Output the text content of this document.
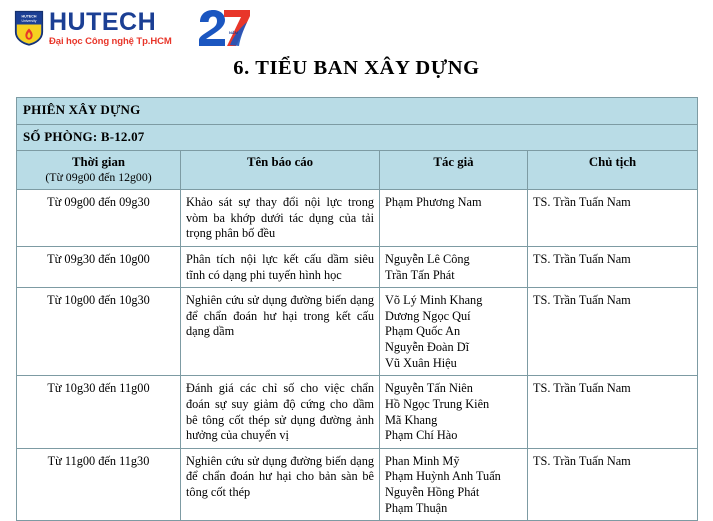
HUTECH
University HUTECH
Đại học Công nghệ Tp.HCM
NĂM
6. TIỂU BAN XÂY DỰNG
PHIÊN XÂY DỰNG			
SỐ PHÒNG: B-12.07			
Thời gian
(Từ 09g00 đến 12g00)	Tên báo cáo	Tác giả	Chủ tịch
Từ 09g00 đến 09g30	Khảo sát sự thay đổi nội lực trong vòm ba khớp dưới tác dụng của tải trọng phân bố đều	Phạm Phương Nam	TS. Trần Tuấn Nam

Từ 09g30 đến 10g00	Phân tích nội lực kết cấu dầm siêu tĩnh có dạng phi tuyến hình học	Nguyễn Lê Công
Trần Tấn Phát	TS. Trần Tuấn Nam

Từ 10g00 đến 10g30	Nghiên cứu sử dụng đường biến dạng để chẩn đoán hư hại trong kết cấu dạng dầm	Võ Lý Minh Khang
Dương Ngọc Quí
Phạm Quốc An
Nguyễn Đoàn Dĩ
Vũ Xuân Hiệu	TS. Trần Tuấn Nam

Từ 10g30 đến 11g00	Đánh giá các chỉ số cho việc chẩn đoán sự suy giảm độ cứng cho dầm bê tông cốt thép sử dụng đường ảnh hưởng của chuyển vị	Nguyễn Tấn Niên
Hồ Ngọc Trung Kiên
Mã Khang
Phạm Chí Hào	TS. Trần Tuấn Nam

Từ 11g00 đến 11g30	Nghiên cứu sử dụng đường biến dạng để chẩn đoán hư hại cho bản sàn bê tông cốt thép	Phan Minh Mỹ
Phạm Huỳnh Anh Tuấn
Nguyễn Hồng Phát
Phạm Thuận	TS. Trần Tuấn Nam
